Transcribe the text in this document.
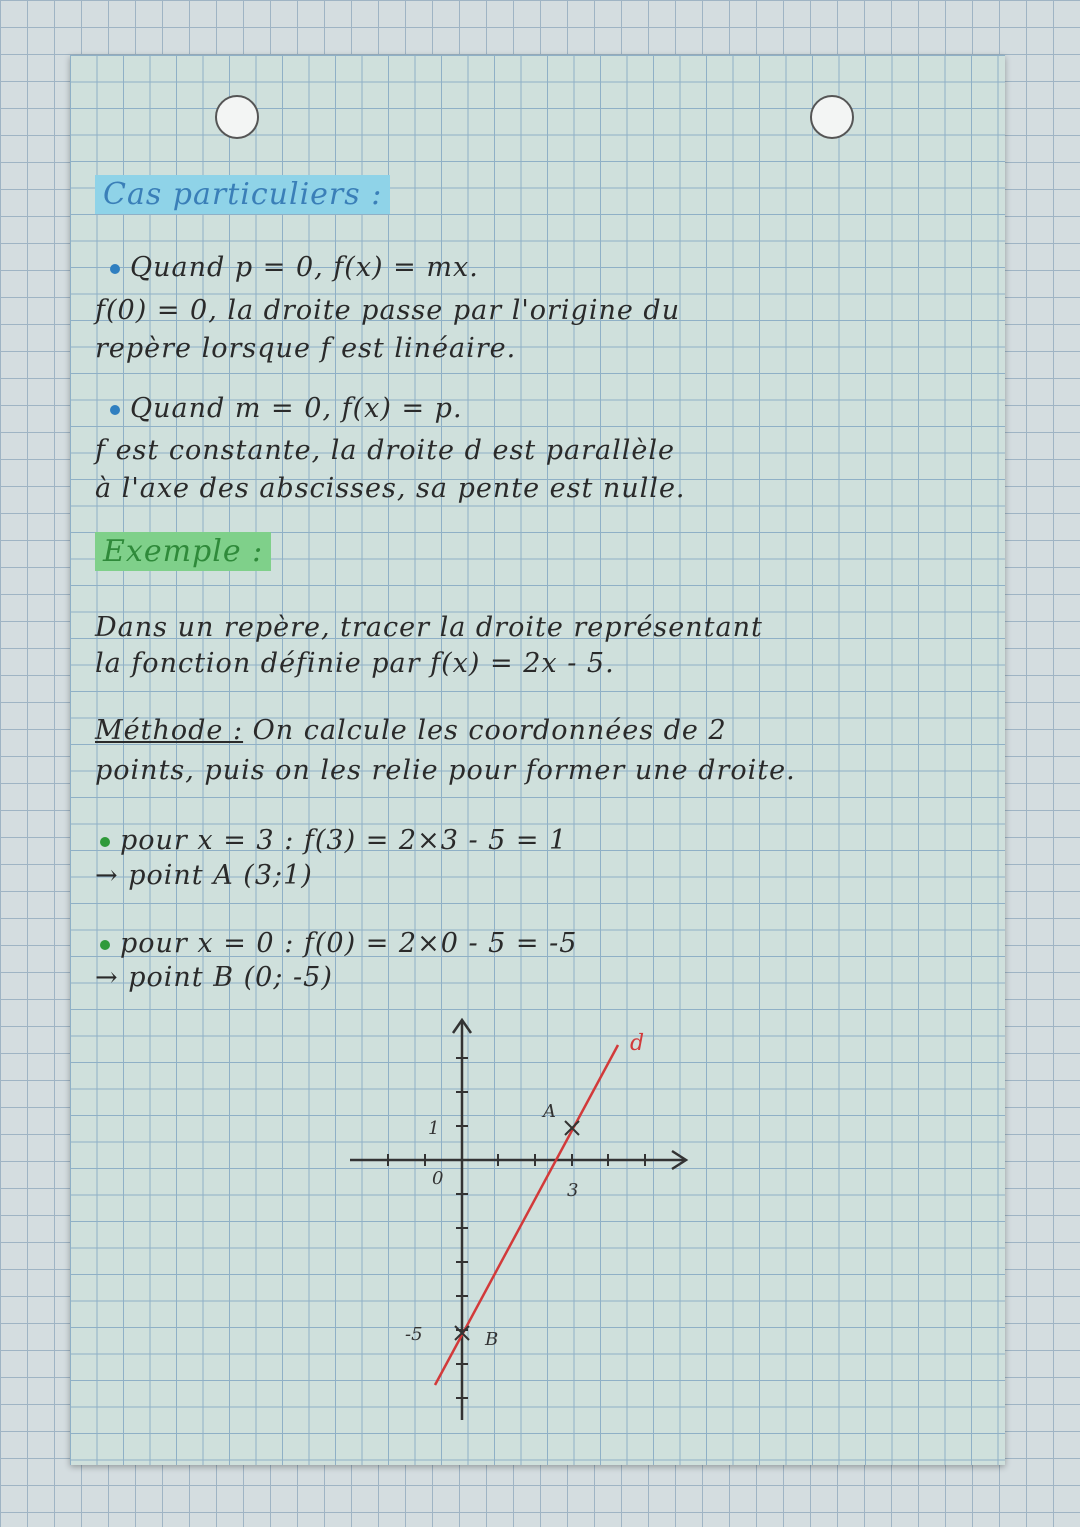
Cas particuliers :
Quand p = 0, f(x) = mx.
f(0) = 0, la droite passe par l'origine du
repère lorsque f est linéaire.
Quand m = 0, f(x) = p.
f est constante, la droite d est parallèle
à l'axe des abscisses, sa pente est nulle.
Exemple :
Dans un repère, tracer la droite représentant
la fonction définie par f(x) = 2x - 5.
Méthode : On calcule les coordonnées de 2
points, puis on les relie pour former une droite.
pour x = 3 : f(3) = 2×3 - 5 = 1
→ point A (3;1)
pour x = 0 : f(0) = 2×0 - 5 = -5
→ point B (0; -5)
1
0
3
-5
A
B
d
